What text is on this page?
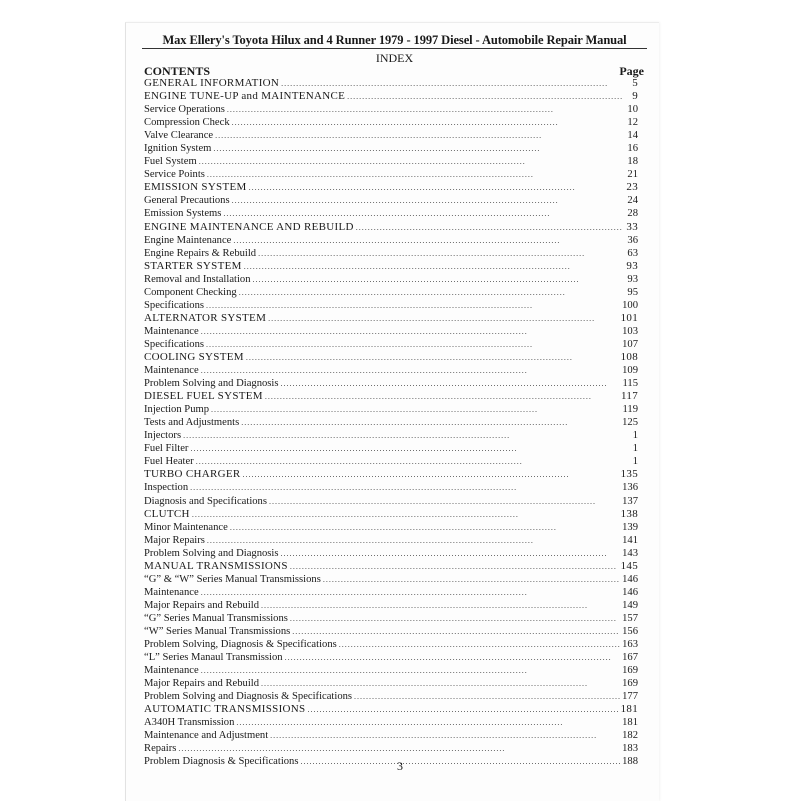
Max Ellery's Toyota Hilux and 4 Runner 1979 - 1997 Diesel - Automobile Repair Manual
INDEX
CONTENTS	Page
GENERAL INFORMATION . . .	5
ENGINE TUNE-UP and MAINTENANCE . . .	9
Service Operations . . .	10
Compression Check . . .	12
Valve Clearance . . .	14
Ignition System . . .	16
Fuel System . . .	18
Service Points . . .	21
EMISSION SYSTEM . . .	23
General Precautions . . .	24
Emission Systems . . .	28
ENGINE MAINTENANCE AND REBUILD . . .	33
Engine Maintenance . . .	36
Engine Repairs & Rebuild . . .	63
STARTER SYSTEM . . .	93
Removal and Installation . . .	93
Component Checking . . .	95
Specifications . . .	100
ALTERNATOR SYSTEM . . .	101
Maintenance . . .	103
Specifications . . .	107
COOLING SYSTEM . . .	108
Maintenance . . .	109
Problem Solving and Diagnosis . . .	115
DIESEL FUEL SYSTEM . . .	117
Injection Pump . . .	119
Tests and Adjustments . . .	125
Injectors . . .	1
Fuel Filter . . .	1
Fuel Heater . . .	1
TURBO CHARGER . . .	135
Inspection . . .	136
Diagnosis and Specifications . . .	137
CLUTCH . . .	138
Minor Maintenance . . .	139
Major Repairs . . .	141
Problem Solving and Diagnosis . . .	143
MANUAL TRANSMISSIONS . . .	145
“G” & “W” Series Manual Transmissions . . .	146
Maintenance . . .	146
Major Repairs and Rebuild . . .	149
“G” Series Manual Transmissions . . .	157
“W” Series Manual Transmissions . . .	156
Problem Solving, Diagnosis & Specifications . . .	163
“L” Series Manaul Transmission . . .	167
Maintenance . . .	169
Major Repairs and Rebuild . . .	169
Problem Solving and Diagnosis & Specifications . . .	177
AUTOMATIC TRANSMISSIONS . . .	181
A340H Transmission . . .	181
Maintenance and Adjustment . . .	182
Repairs . . .	183
Problem Diagnosis & Specifications . . .	188
3
